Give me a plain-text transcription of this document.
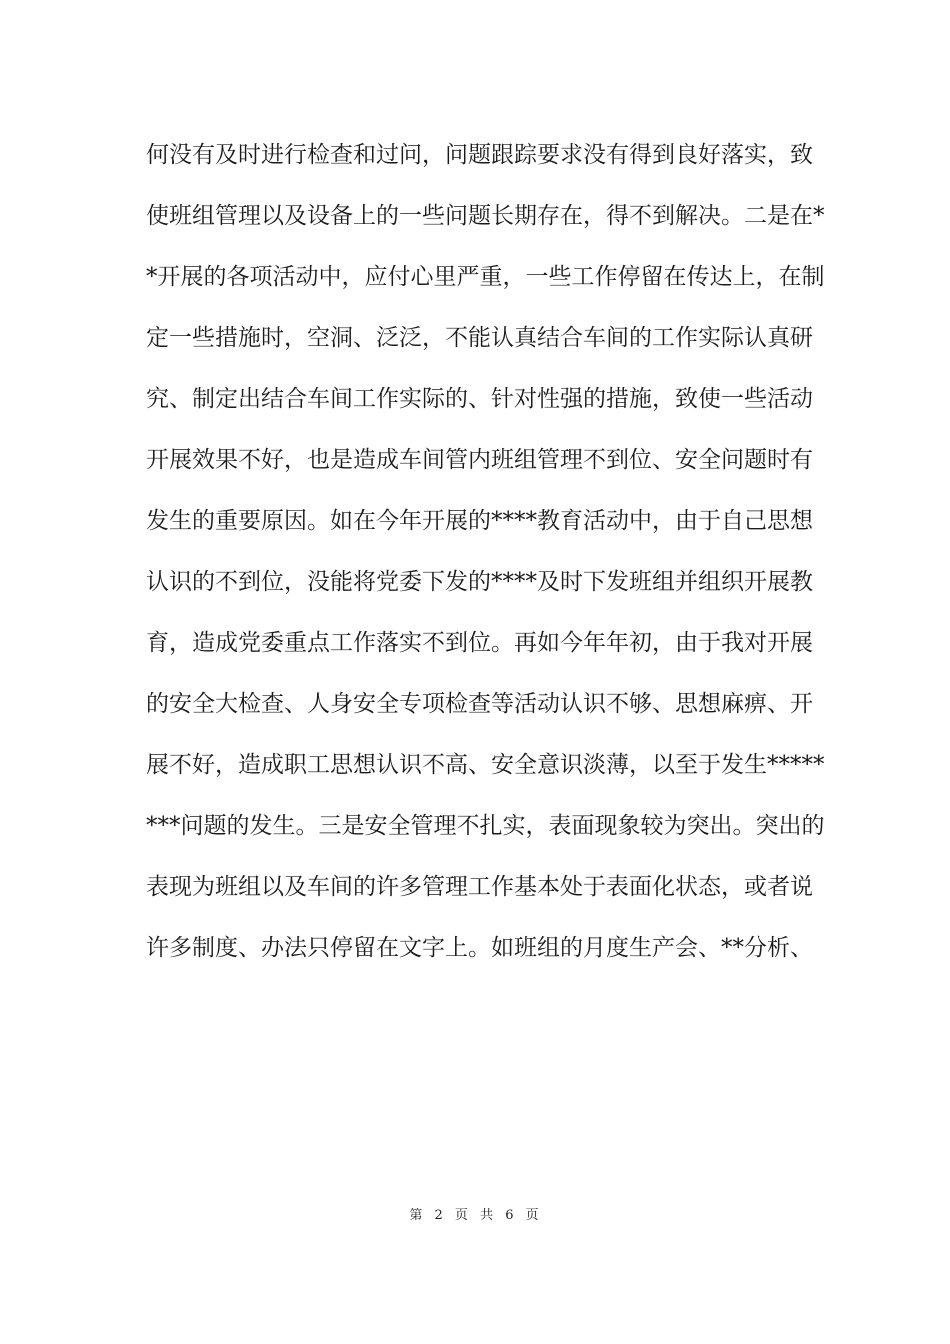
何没有及时进行检查和过问，问题跟踪要求没有得到良好落实，致
使班组管理以及设备上的一些问题长期存在，得不到解决。二是在*
*开展的各项活动中，应付心里严重，一些工作停留在传达上，在制
定一些措施时，空洞、泛泛，不能认真结合车间的工作实际认真研
究、制定出结合车间工作实际的、针对性强的措施，致使一些活动
开展效果不好，也是造成车间管内班组管理不到位、安全问题时有
发生的重要原因。如在今年开展的****教育活动中，由于自己思想
认识的不到位，没能将党委下发的****及时下发班组并组织开展教
育，造成党委重点工作落实不到位。再如今年年初，由于我对开展
的安全大检查、人身安全专项检查等活动认识不够、思想麻痹、开
展不好，造成职工思想认识不高、安全意识淡薄，以至于发生*****
***问题的发生。三是安全管理不扎实，表面现象较为突出。突出的
表现为班组以及车间的许多管理工作基本处于表面化状态，或者说
许多制度、办法只停留在文字上。如班组的月度生产会、**分析、
第 2 页 共 6 页
